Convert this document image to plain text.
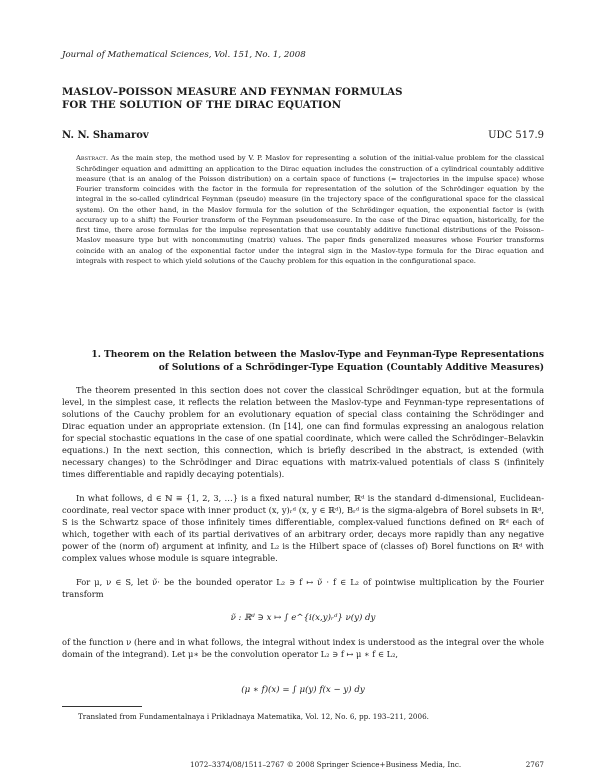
Journal of Mathematical Sciences, Vol. 151, No. 1, 2008
MASLOV–POISSON MEASURE AND FEYNMAN FORMULAS
FOR THE SOLUTION OF THE DIRAC EQUATION
N. N. Shamarov	UDC 517.9
Abstract. As the main step, the method used by V. P. Maslov for representing a solution of the initial-value problem for the classical Schrödinger equation and admitting an application to the Dirac equation includes the construction of a cylindrical countably additive measure (that is an analog of the Poisson distribution) on a certain space of functions (= trajectories in the impulse space) whose Fourier transform coincides with the factor in the formula for representation of the solution of the Schrödinger equation by the integral in the so-called cylindrical Feynman (pseudo) measure (in the trajectory space of the configurational space for the classical system). On the other hand, in the Maslov formula for the solution of the Schrödinger equation, the exponential factor is (with accuracy up to a shift) the Fourier transform of the Feynman pseudomeasure. In the case of the Dirac equation, historically, for the first time, there arose formulas for the impulse representation that use countably additive functional distributions of the Poisson–Maslov measure type but with noncommuting (matrix) values. The paper finds generalized measures whose Fourier transforms coincide with an analog of the exponential factor under the integral sign in the Maslov-type formula for the Dirac equation and integrals with respect to which yield solutions of the Cauchy problem for this equation in the configurational space.
1. Theorem on the Relation between the Maslov-Type and Feynman-Type Representations
of Solutions of a Schrödinger-Type Equation (Countably Additive Measures)

The theorem presented in this section does not cover the classical Schrödinger equation, but at the formula level, in the simplest case, it reflects the relation between the Maslov-type and Feynman-type representations of solutions of the Cauchy problem for an evolutionary equation of special class containing the Schrödinger and Dirac equation under an appropriate extension. (In [14], one can find formulas expressing an analogous relation for special stochastic equations in the case of one spatial coordinate, which were called the Schrödinger–Belavkin equations.) In the next section, this connection, which is briefly described in the abstract, is extended (with necessary changes) to the Schrödinger and Dirac equations with matrix-valued potentials of class S (infinitely times differentiable and rapidly decaying potentials).

In what follows, d ∈ ℕ ≡ {1, 2, 3, …} is a fixed natural number, ℝᵈ is the standard d-dimensional, Euclidean-coordinate, real vector space with inner product (x, y)ᵣᵈ (x, y ∈ ℝᵈ), Bᵣᵈ is the sigma-algebra of Borel subsets in ℝᵈ, S is the Schwartz space of those infinitely times differentiable, complex-valued functions defined on ℝᵈ each of which, together with each of its partial derivatives of an arbitrary order, decays more rapidly than any negative power of the (norm of) argument at infinity, and L₂ is the Hilbert space of (classes of) Borel functions on ℝᵈ with complex values whose module is square integrable.

For μ, ν ∈ S, let ν̃· be the bounded operator L₂ ∋ f ↦ ν̃ · f ∈ L₂ of pointwise multiplication by the Fourier transform

ν̃ : ℝᵈ ∋ x ↦ ∫ e^{i(x,y)ᵣᵈ} ν(y) dy

of the function ν (here and in what follows, the integral without index is understood as the integral over the whole domain of the integrand). Let μ∗ be the convolution operator L₂ ∋ f ↦ μ ∗ f ∈ L₂,

(μ ∗ f)(x) = ∫ μ(y) f(x − y) dy
Translated from Fundamentalnaya i Prikladnaya Matematika, Vol. 12, No. 6, pp. 193–211, 2006.
1072–3374/08/1511–2767 © 2008 Springer Science+Business Media, Inc.	2767
